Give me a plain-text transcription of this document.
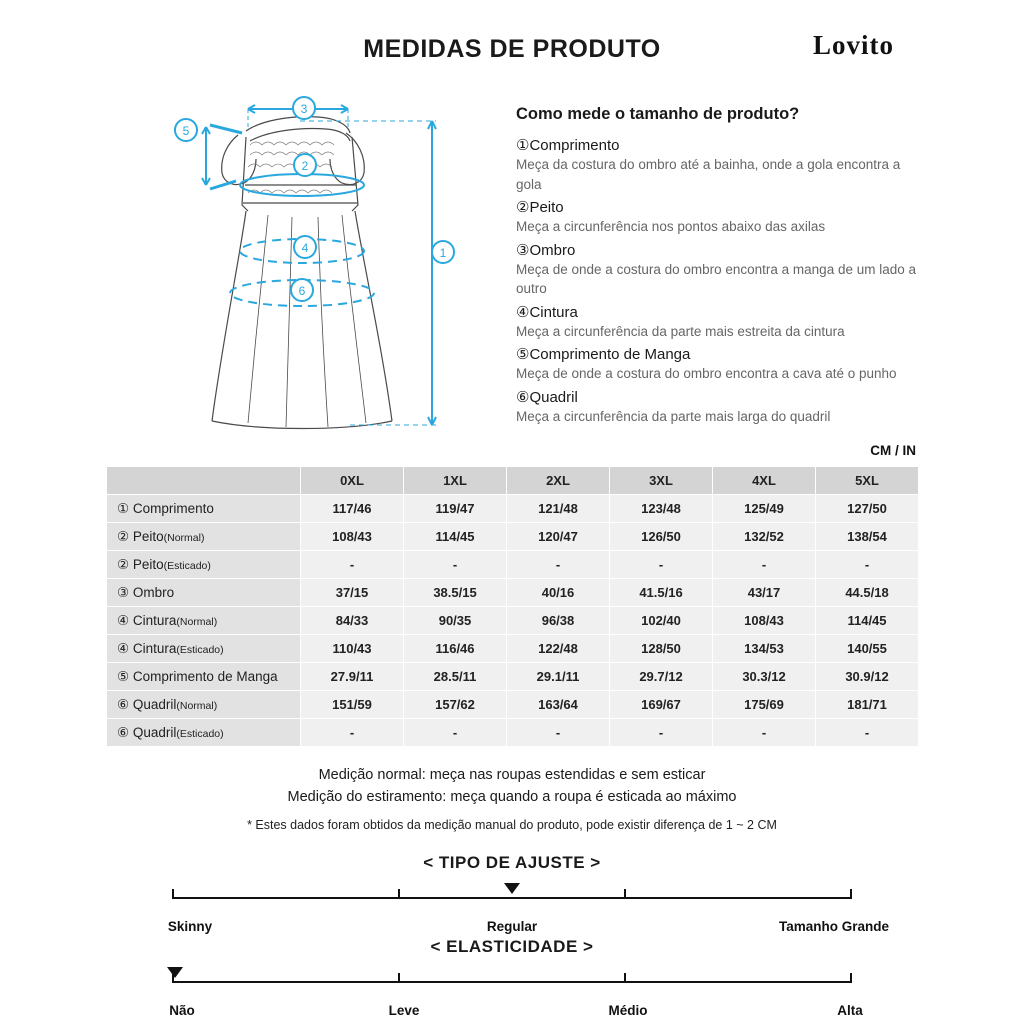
MEDIDAS DE PRODUTO	Lovito
3
5
2
4
6
1
Como mede o tamanho de produto?
①Comprimento
Meça da costura do ombro até a bainha, onde a gola encontra a gola
②Peito
Meça a circunferência nos pontos abaixo das axilas
③Ombro
Meça de onde a costura do ombro encontra a manga de um lado a outro
④Cintura
Meça a circunferência da parte mais estreita da cintura
⑤Comprimento de Manga
Meça de onde a costura do ombro encontra a cava até o punho
⑥Quadril
Meça a circunferência da parte mais larga do quadril
CM / IN
	0XL	1XL	2XL	3XL	4XL	5XL
① Comprimento	117/46	119/47	121/48	123/48	125/49	127/50
② Peito(Normal)	108/43	114/45	120/47	126/50	132/52	138/54
② Peito(Esticado)	-	-	-	-	-	-
③ Ombro	37/15	38.5/15	40/16	41.5/16	43/17	44.5/18
④ Cintura(Normal)	84/33	90/35	96/38	102/40	108/43	114/45
④ Cintura(Esticado)	110/43	116/46	122/48	128/50	134/53	140/55
⑤ Comprimento de Manga	27.9/11	28.5/11	29.1/11	29.7/12	30.3/12	30.9/12
⑥ Quadril(Normal)	151/59	157/62	163/64	169/67	175/69	181/71
⑥ Quadril(Esticado)	-	-	-	-	-	-
Medição normal: meça nas roupas estendidas e sem esticar
Medição do estiramento: meça quando a roupa é esticada ao máximo
* Estes dados foram obtidos da medição manual do produto, pode existir diferença de 1 ~ 2 CM
< TIPO DE AJUSTE >
Skinny	Regular	Tamanho Grande
< ELASTICIDADE >
Não	Leve	Médio	Alta
